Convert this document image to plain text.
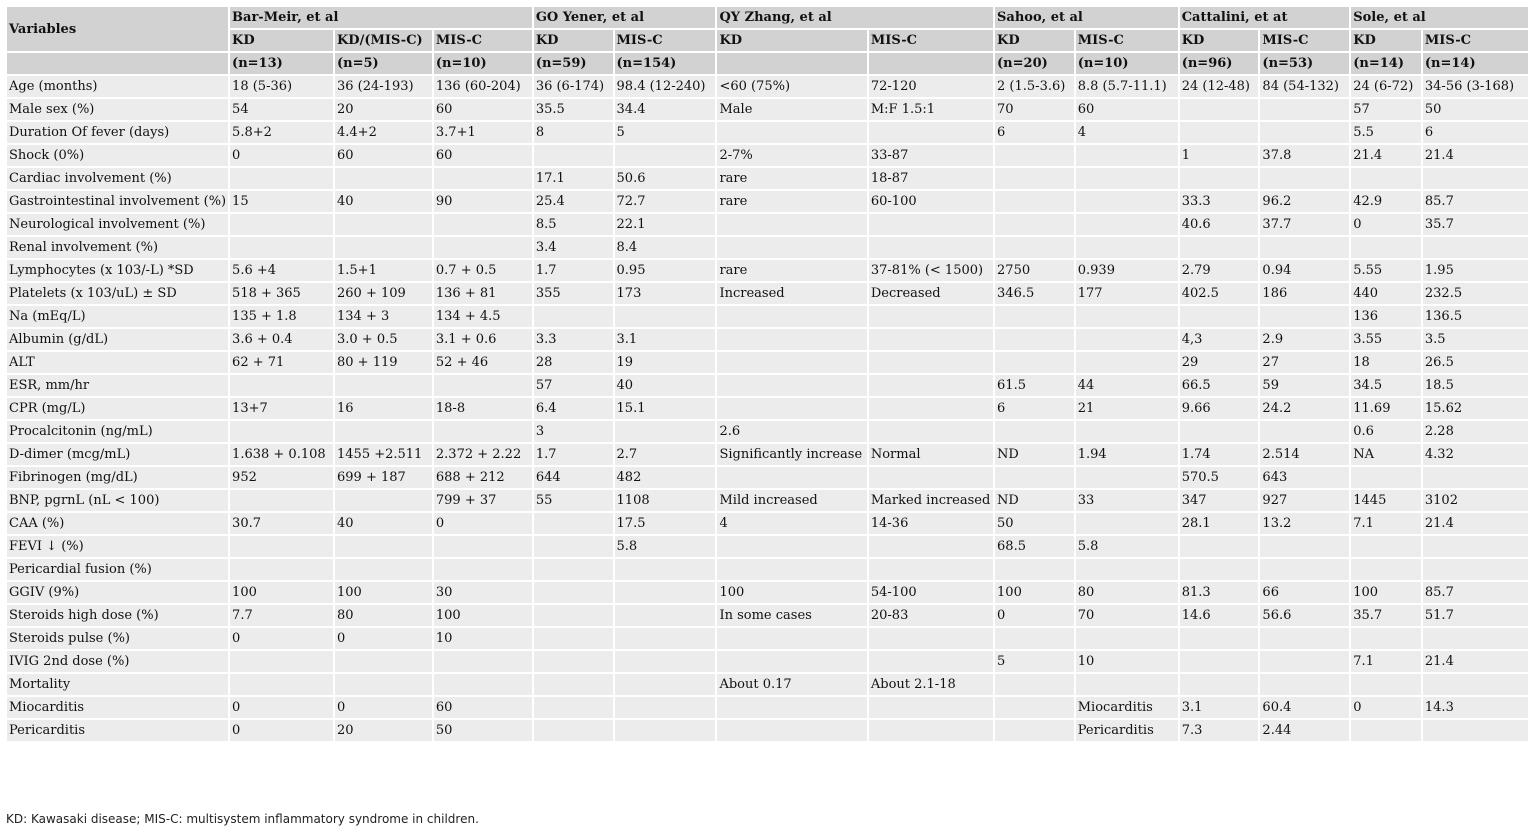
Variables	Bar-Meir, et al			GO Yener, et al		QY Zhang, et al		Sahoo, et al		Cattalini, et at		Sole, et al	
	KD	KD/(MIS-C)	MIS-C	KD	MIS-C	KD	MIS-C	KD	MIS-C	KD	MIS-C	KD	MIS-C
	(n=13)	(n=5)	(n=10)	(n=59)	(n=154)			(n=20)	(n=10)	(n=96)	(n=53)	(n=14)	(n=14)
Age (months)	18 (5-36)	36 (24-193)	136 (60-204)	36 (6-174)	98.4 (12-240)	<60 (75%)	72-120	2 (1.5-3.6)	8.8 (5.7-11.1)	24 (12-48)	84 (54-132)	24 (6-72)	34-56 (3-168)
Male sex (%)	54	20	60	35.5	34.4	Male	M:F 1.5:1	70	60			57	50
Duration Of fever (days)	5.8+2	4.4+2	3.7+1	8	5			6	4			5.5	6
Shock (0%)	0	60	60			2-7%	33-87			1	37.8	21.4	21.4
Cardiac involvement (%)				17.1	50.6	rare	18-87						
Gastrointestinal involvement (%)	15	40	90	25.4	72.7	rare	60-100			33.3	96.2	42.9	85.7
Neurological involvement (%)				8.5	22.1					40.6	37.7	0	35.7
Renal involvement (%)				3.4	8.4								
Lymphocytes (x 103/-L) *SD	5.6 +4	1.5+1	0.7 + 0.5	1.7	0.95	rare	37-81% (< 1500)	2750	0.939	2.79	0.94	5.55	1.95
Platelets (x 103/uL) ± SD	518 + 365	260 + 109	136 + 81	355	173	Increased	Decreased	346.5	177	402.5	186	440	232.5
Na (mEq/L)	135 + 1.8	134 + 3	134 + 4.5									136	136.5
Albumin (g/dL)	3.6 + 0.4	3.0 + 0.5	3.1 + 0.6	3.3	3.1					4,3	2.9	3.55	3.5
ALT	62 + 71	80 + 119	52 + 46	28	19					29	27	18	26.5
ESR, mm/hr				57	40			61.5	44	66.5	59	34.5	18.5
CPR (mg/L)	13+7	16	18-8	6.4	15.1			6	21	9.66	24.2	11.69	15.62
Procalcitonin (ng/mL)				3		2.6						0.6	2.28
D-dimer (mcg/mL)	1.638 + 0.108	1455 +2.511	2.372 + 2.22	1.7	2.7	Significantly increase	Normal	ND	1.94	1.74	2.514	NA	4.32
Fibrinogen (mg/dL)	952	699 + 187	688 + 212	644	482					570.5	643		
BNP, pgrnL (nL < 100)			799 + 37	55	1108	Mild increased	Marked increased	ND	33	347	927	1445	3102
CAA (%)	30.7	40	0		17.5	4	14-36	50		28.1	13.2	7.1	21.4
FEVI ↓ (%)					5.8			68.5	5.8				
Pericardial fusion (%)													
GGIV (9%)	100	100	30			100	54-100	100	80	81.3	66	100	85.7
Steroids high dose (%)	7.7	80	100			In some cases	20-83	0	70	14.6	56.6	35.7	51.7
Steroids pulse (%)	0	0	10										
IVIG 2nd dose (%)								5	10			7.1	21.4
Mortality						About 0.17	About 2.1-18						
Miocarditis	0	0	60						Miocarditis	3.1	60.4	0	14.3
Pericarditis	0	20	50						Pericarditis	7.3	2.44		
KD: Kawasaki disease; MIS-C: multisystem inflammatory syndrome in children.
